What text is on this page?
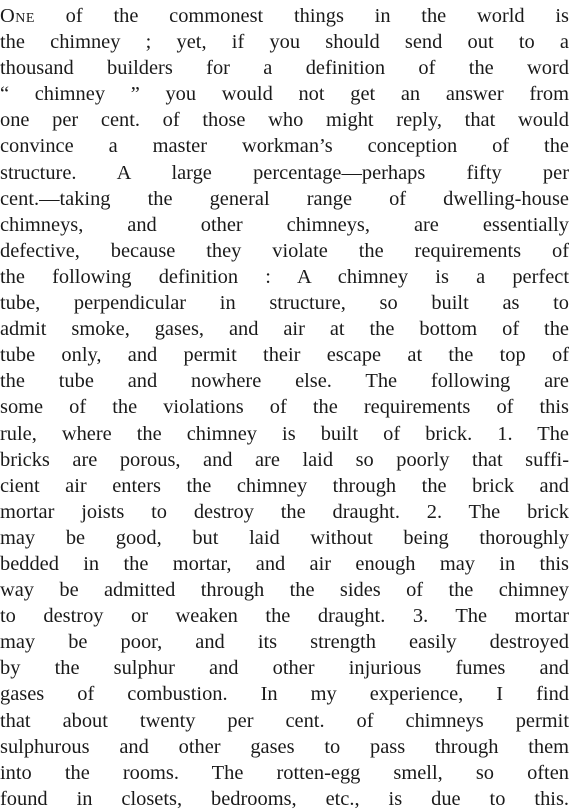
One of the commonest things in the world is
the chimney ; yet, if you should send out to a
thousand builders for a definition of the word
“ chimney ” you would not get an answer from
one per cent. of those who might reply, that would
convince a master workman’s conception of the
structure. A large percentage—perhaps fifty per
cent.—taking the general range of dwelling-house
chimneys, and other chimneys, are essentially
defective, because they violate the requirements of
the following definition : A chimney is a perfect
tube, perpendicular in structure, so built as to
admit smoke, gases, and air at the bottom of the
tube only, and permit their escape at the top of
the tube and nowhere else. The following are
some of the violations of the requirements of this
rule, where the chimney is built of brick. 1. The
bricks are porous, and are laid so poorly that suffi-
cient air enters the chimney through the brick and
mortar joists to destroy the draught. 2. The brick
may be good, but laid without being thoroughly
bedded in the mortar, and air enough may in this
way be admitted through the sides of the chimney
to destroy or weaken the draught. 3. The mortar
may be poor, and its strength easily destroyed
by the sulphur and other injurious fumes and
gases of combustion. In my experience, I find
that about twenty per cent. of chimneys permit
sulphurous and other gases to pass through them
into the rooms. The rotten-egg smell, so often
found in closets, bedrooms, etc., is due to this.
